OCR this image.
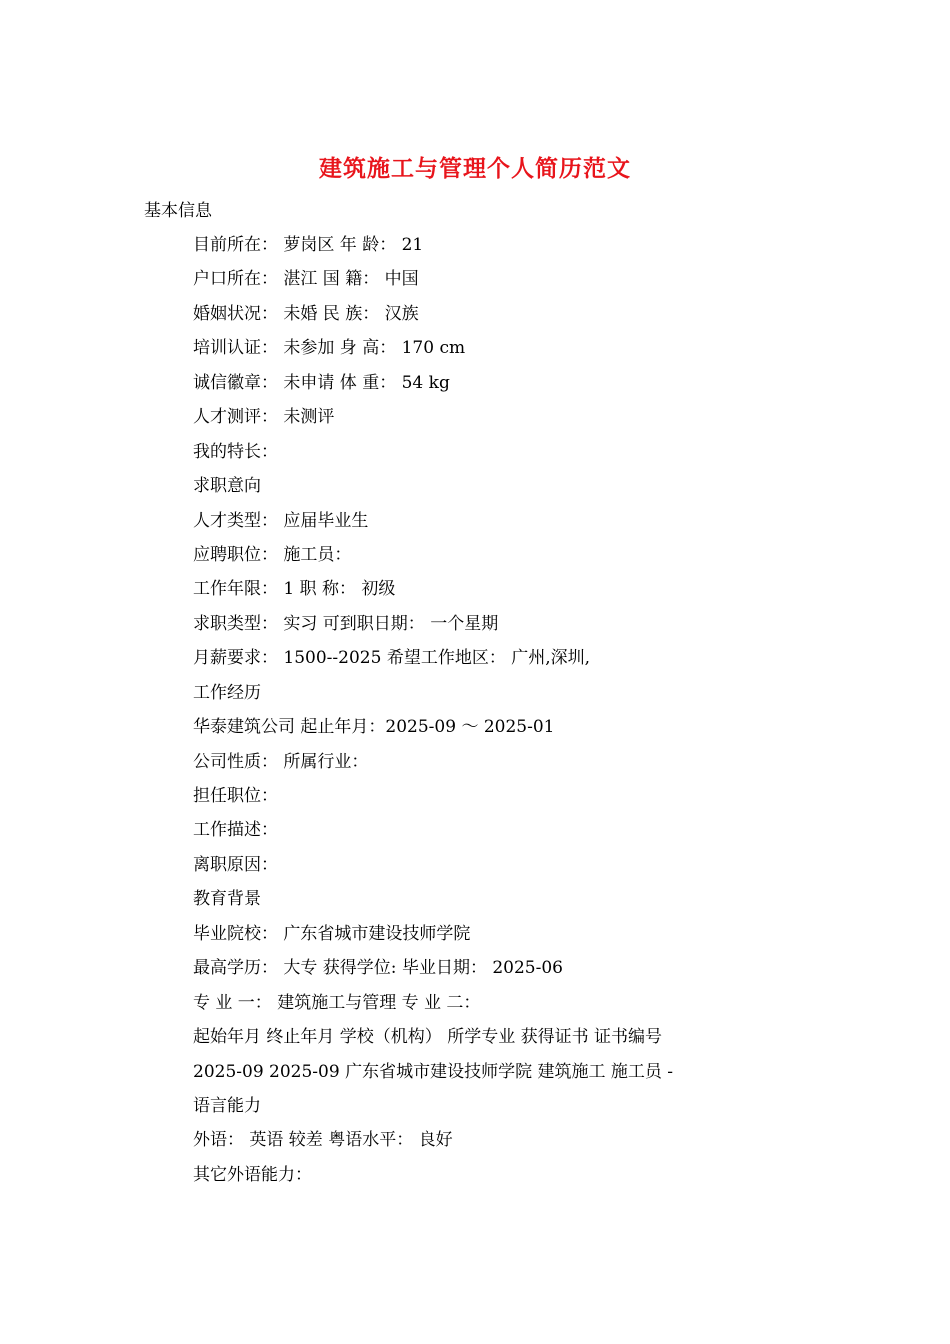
建筑施工与管理个人简历范文
基本信息
目前所在： 萝岗区 年 龄： 21
户口所在： 湛江 国 籍： 中国
婚姻状况： 未婚 民 族： 汉族
培训认证： 未参加 身 高： 170 cm
诚信徽章： 未申请 体 重： 54 kg
人才测评： 未测评
我的特长：
求职意向
人才类型： 应届毕业生
应聘职位： 施工员：
工作年限： 1 职 称： 初级
求职类型： 实习 可到职日期： 一个星期
月薪要求： 1500--2025 希望工作地区： 广州,深圳,
工作经历
华泰建筑公司 起止年月：2025-09 ～ 2025-01
公司性质： 所属行业：
担任职位：
工作描述：
离职原因：
教育背景
毕业院校： 广东省城市建设技师学院
最高学历： 大专 获得学位: 毕业日期： 2025-06
专 业 一： 建筑施工与管理 专 业 二：
起始年月 终止年月 学校（机构） 所学专业 获得证书 证书编号
2025-09 2025-09 广东省城市建设技师学院 建筑施工 施工员 -
语言能力
外语： 英语 较差 粤语水平： 良好
其它外语能力：
